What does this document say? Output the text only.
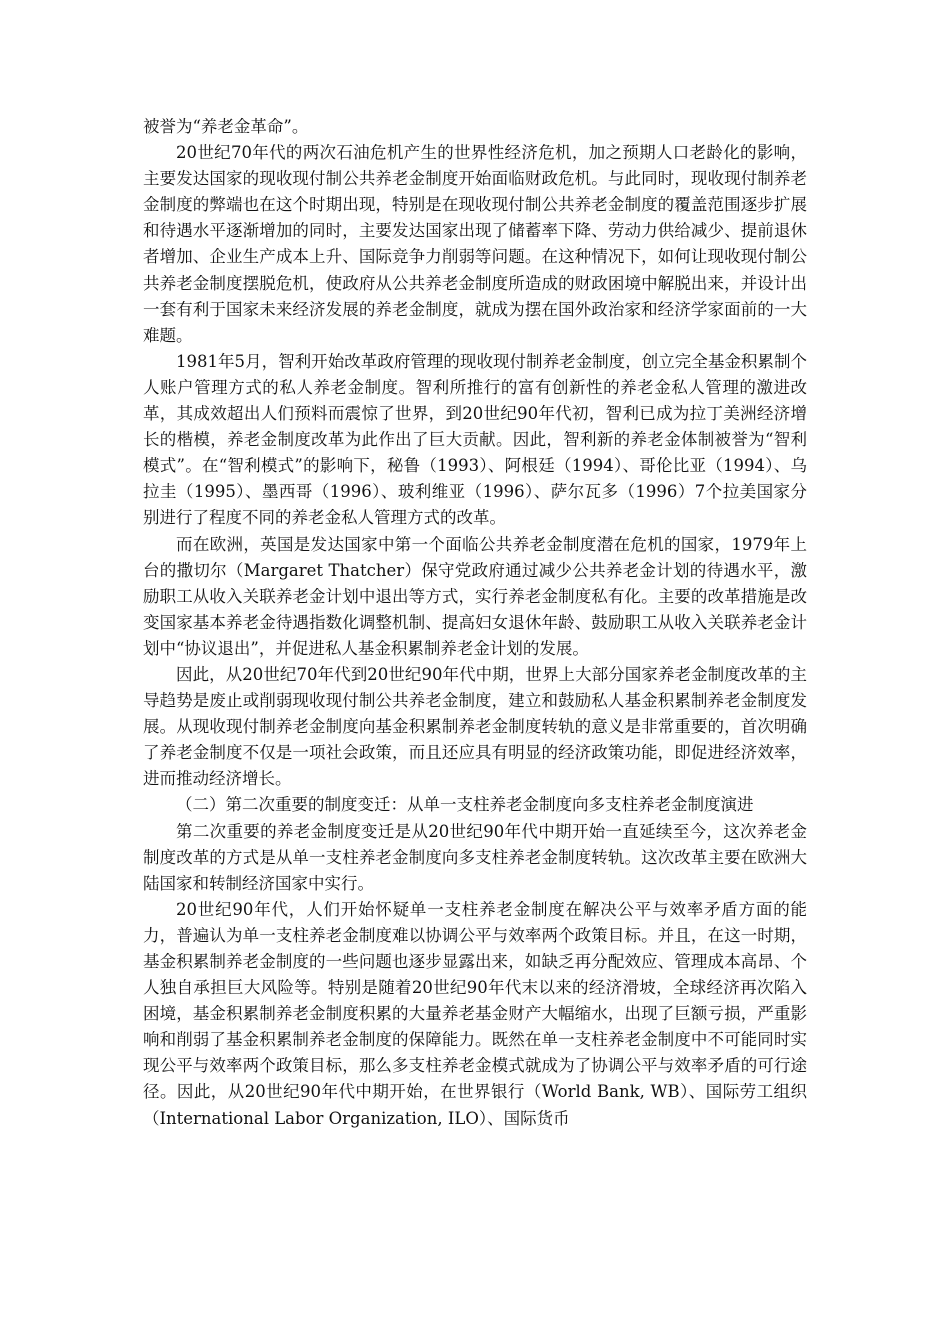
被誉为“养老金革命”。

20世纪70年代的两次石油危机产生的世界性经济危机，加之预期人口老龄化的影响，主要发达国家的现收现付制公共养老金制度开始面临财政危机。与此同时，现收现付制养老金制度的弊端也在这个时期出现，特别是在现收现付制公共养老金制度的覆盖范围逐步扩展和待遇水平逐渐增加的同时，主要发达国家出现了储蓄率下降、劳动力供给减少、提前退休者增加、企业生产成本上升、国际竞争力削弱等问题。在这种情况下，如何让现收现付制公共养老金制度摆脱危机，使政府从公共养老金制度所造成的财政困境中解脱出来，并设计出一套有利于国家未来经济发展的养老金制度，就成为摆在国外政治家和经济学家面前的一大难题。

1981年5月，智利开始改革政府管理的现收现付制养老金制度，创立完全基金积累制个人账户管理方式的私人养老金制度。智利所推行的富有创新性的养老金私人管理的激进改革，其成效超出人们预料而震惊了世界，到20世纪90年代初，智利已成为拉丁美洲经济增长的楷模，养老金制度改革为此作出了巨大贡献。因此，智利新的养老金体制被誉为“智利模式”。在“智利模式”的影响下，秘鲁（1993）、阿根廷（1994）、哥伦比亚（1994）、乌拉圭（1995）、墨西哥（1996）、玻利维亚（1996）、萨尔瓦多（1996）7个拉美国家分别进行了程度不同的养老金私人管理方式的改革。

而在欧洲，英国是发达国家中第一个面临公共养老金制度潜在危机的国家，1979年上台的撒切尔（Margaret Thatcher）保守党政府通过减少公共养老金计划的待遇水平，激励职工从收入关联养老金计划中退出等方式，实行养老金制度私有化。主要的改革措施是改变国家基本养老金待遇指数化调整机制、提高妇女退休年龄、鼓励职工从收入关联养老金计划中“协议退出”，并促进私人基金积累制养老金计划的发展。

因此，从20世纪70年代到20世纪90年代中期，世界上大部分国家养老金制度改革的主导趋势是废止或削弱现收现付制公共养老金制度，建立和鼓励私人基金积累制养老金制度发展。从现收现付制养老金制度向基金积累制养老金制度转轨的意义是非常重要的，首次明确了养老金制度不仅是一项社会政策，而且还应具有明显的经济政策功能，即促进经济效率，进而推动经济增长。

（二）第二次重要的制度变迁：从单一支柱养老金制度向多支柱养老金制度演进

第二次重要的养老金制度变迁是从20世纪90年代中期开始一直延续至今，这次养老金制度改革的方式是从单一支柱养老金制度向多支柱养老金制度转轨。这次改革主要在欧洲大陆国家和转制经济国家中实行。

20世纪90年代，人们开始怀疑单一支柱养老金制度在解决公平与效率矛盾方面的能力，普遍认为单一支柱养老金制度难以协调公平与效率两个政策目标。并且，在这一时期，基金积累制养老金制度的一些问题也逐步显露出来，如缺乏再分配效应、管理成本高昂、个人独自承担巨大风险等。特别是随着20世纪90年代末以来的经济滑坡，全球经济再次陷入困境，基金积累制养老金制度积累的大量养老基金财产大幅缩水，出现了巨额亏损，严重影响和削弱了基金积累制养老金制度的保障能力。既然在单一支柱养老金制度中不可能同时实现公平与效率两个政策目标，那么多支柱养老金模式就成为了协调公平与效率矛盾的可行途径。因此，从20世纪90年代中期开始，在世界银行（World Bank, WB）、国际劳工组织（International Labor Organization, ILO）、国际货币
